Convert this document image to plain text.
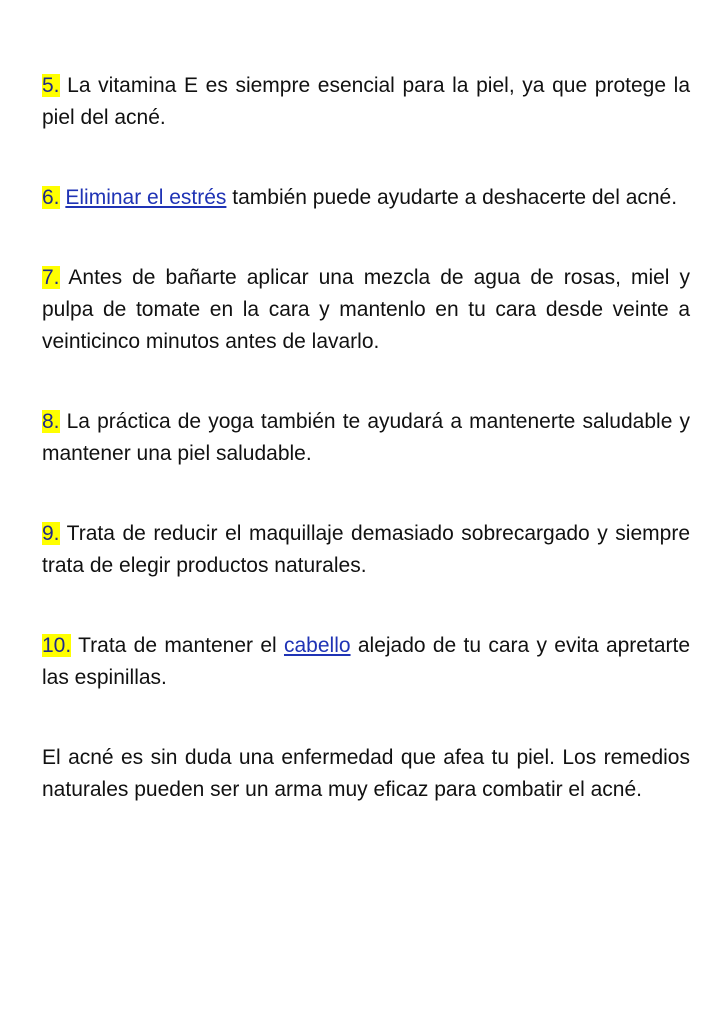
5. La vitamina E es siempre esencial para la piel, ya que protege la piel del acné.

6. Eliminar el estrés también puede ayudarte a deshacerte del acné.

7. Antes de bañarte aplicar una mezcla de agua de rosas, miel y pulpa de tomate en la cara y mantenlo en tu cara desde veinte a veinticinco minutos antes de lavarlo.

8. La práctica de yoga también te ayudará a mantenerte saludable y mantener una piel saludable.

9. Trata de reducir el maquillaje demasiado sobrecargado y siempre trata de elegir productos naturales.

10. Trata de mantener el cabello alejado de tu cara y evita apretarte las espinillas.

El acné es sin duda una enfermedad que afea tu piel. Los remedios naturales pueden ser un arma muy eficaz para combatir el acné.
